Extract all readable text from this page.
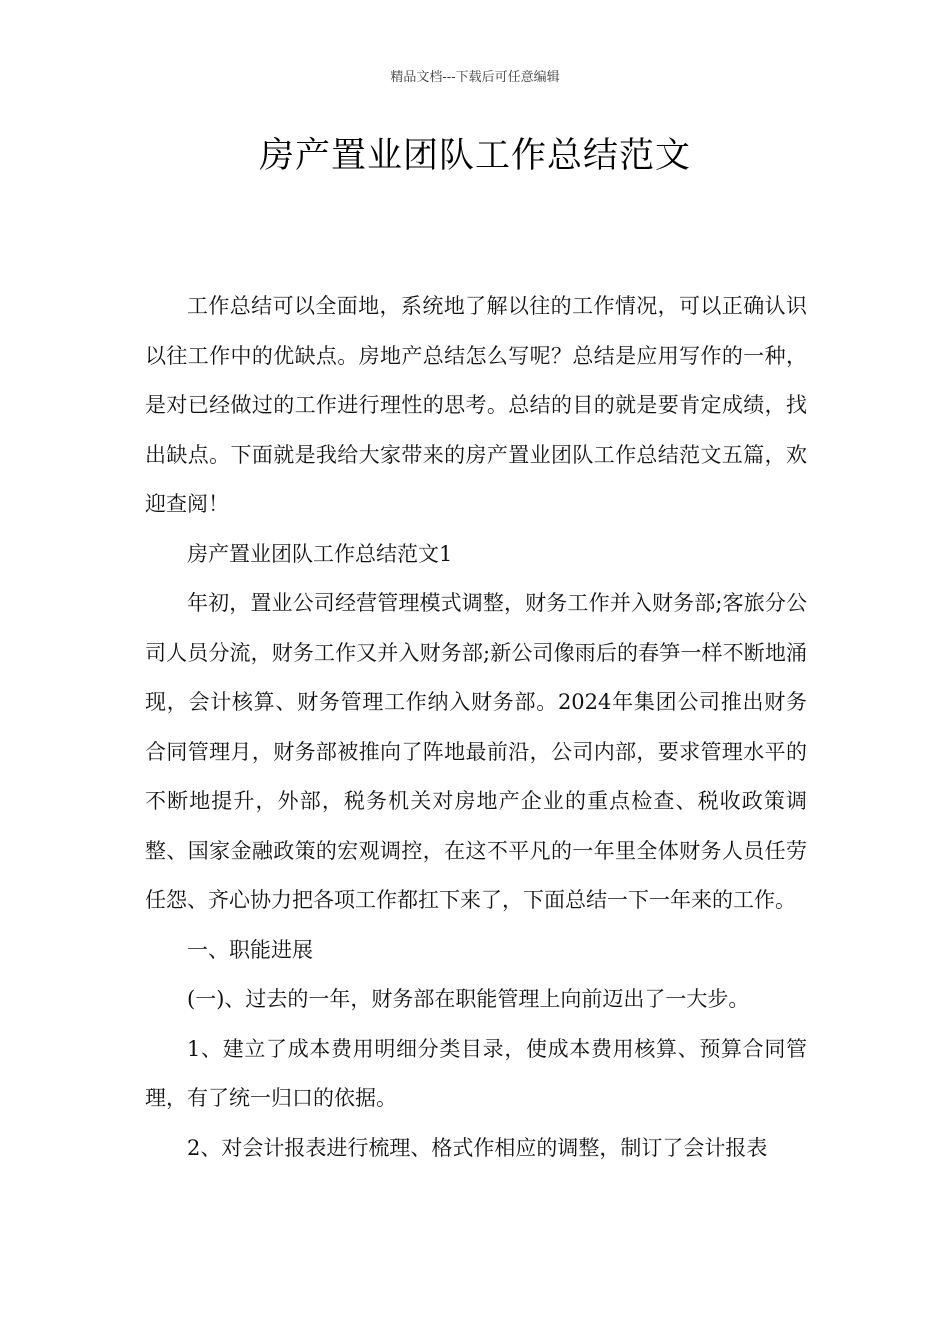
精品文档---下载后可任意编辑
房产置业团队工作总结范文

工作总结可以全面地，系统地了解以往的工作情况，可以正确认识以往工作中的优缺点。房地产总结怎么写呢？总结是应用写作的一种，是对已经做过的工作进行理性的思考。总结的目的就是要肯定成绩，找出缺点。下面就是我给大家带来的房产置业团队工作总结范文五篇，欢迎查阅！

房产置业团队工作总结范文1

年初，置业公司经营管理模式调整，财务工作并入财务部;客旅分公司人员分流，财务工作又并入财务部;新公司像雨后的春笋一样不断地涌现，会计核算、财务管理工作纳入财务部。2024年集团公司推出财务合同管理月，财务部被推向了阵地最前沿，公司内部，要求管理水平的不断地提升，外部，税务机关对房地产企业的重点检查、税收政策调整、国家金融政策的宏观调控，在这不平凡的一年里全体财务人员任劳任怨、齐心协力把各项工作都扛下来了，下面总结一下一年来的工作。

一、职能进展

(一)、过去的一年，财务部在职能管理上向前迈出了一大步。

1、建立了成本费用明细分类目录，使成本费用核算、预算合同管理，有了统一归口的依据。

2、对会计报表进行梳理、格式作相应的调整，制订了会计报表
